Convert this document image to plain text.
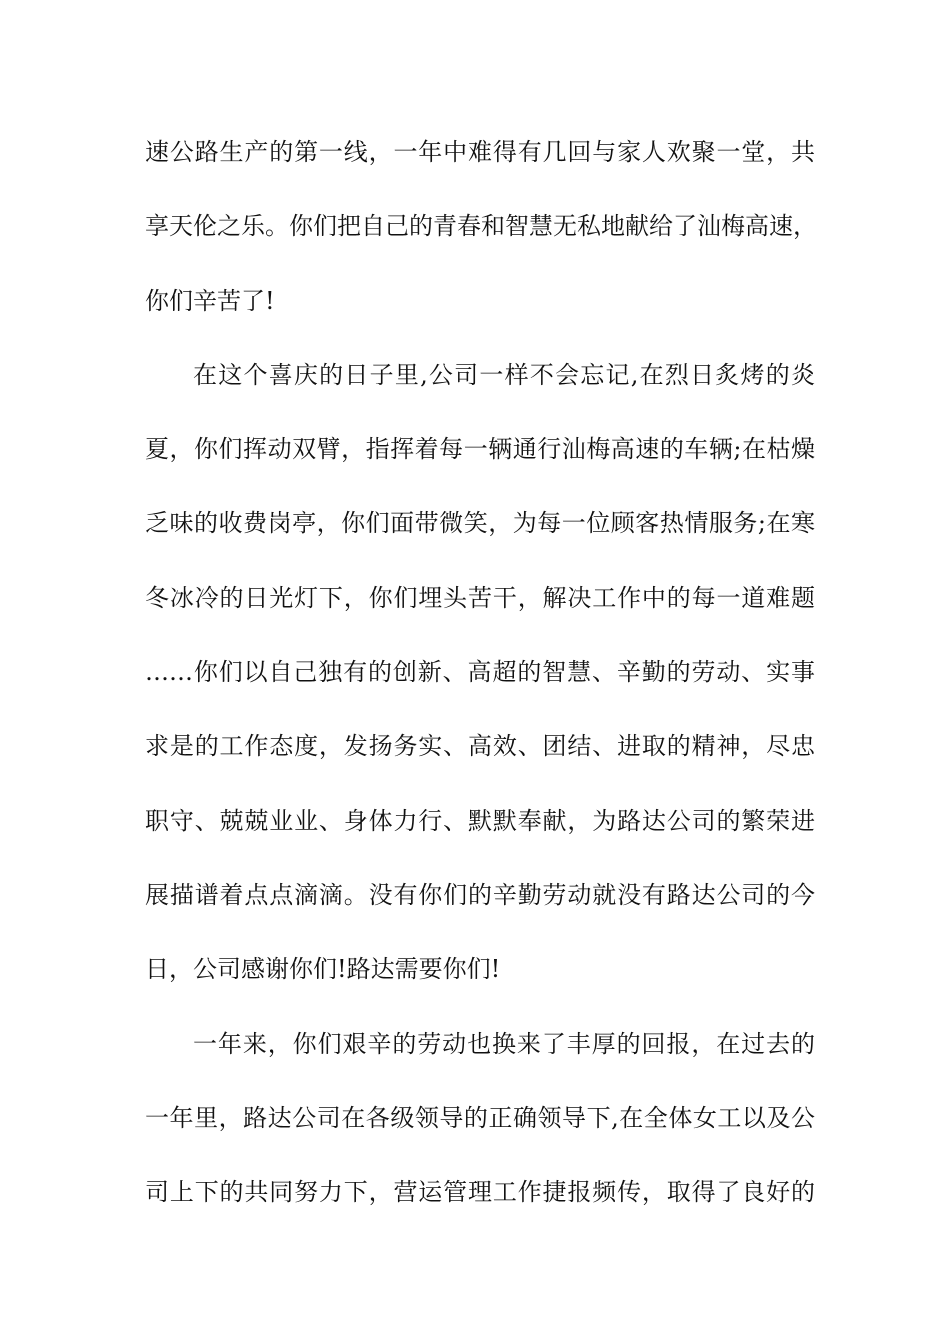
速公路生产的第一线，一年中难得有几回与家人欢聚一堂，共
享天伦之乐。你们把自己的青春和智慧无私地献给了汕梅高速，
你们辛苦了!
在这个喜庆的日子里,公司一样不会忘记,在烈日炙烤的炎
夏，你们挥动双臂，指挥着每一辆通行汕梅高速的车辆;在枯燥
乏味的收费岗亭，你们面带微笑，为每一位顾客热情服务;在寒
冬冰冷的日光灯下，你们埋头苦干，解决工作中的每一道难题
……你们以自己独有的创新、高超的智慧、辛勤的劳动、实事
求是的工作态度，发扬务实、高效、团结、进取的精神，尽忠
职守、兢兢业业、身体力行、默默奉献，为路达公司的繁荣进
展描谱着点点滴滴。没有你们的辛勤劳动就没有路达公司的今
日，公司感谢你们!路达需要你们!
一年来，你们艰辛的劳动也换来了丰厚的回报，在过去的
一年里，路达公司在各级领导的正确领导下,在全体女工以及公
司上下的共同努力下，营运管理工作捷报频传，取得了良好的
